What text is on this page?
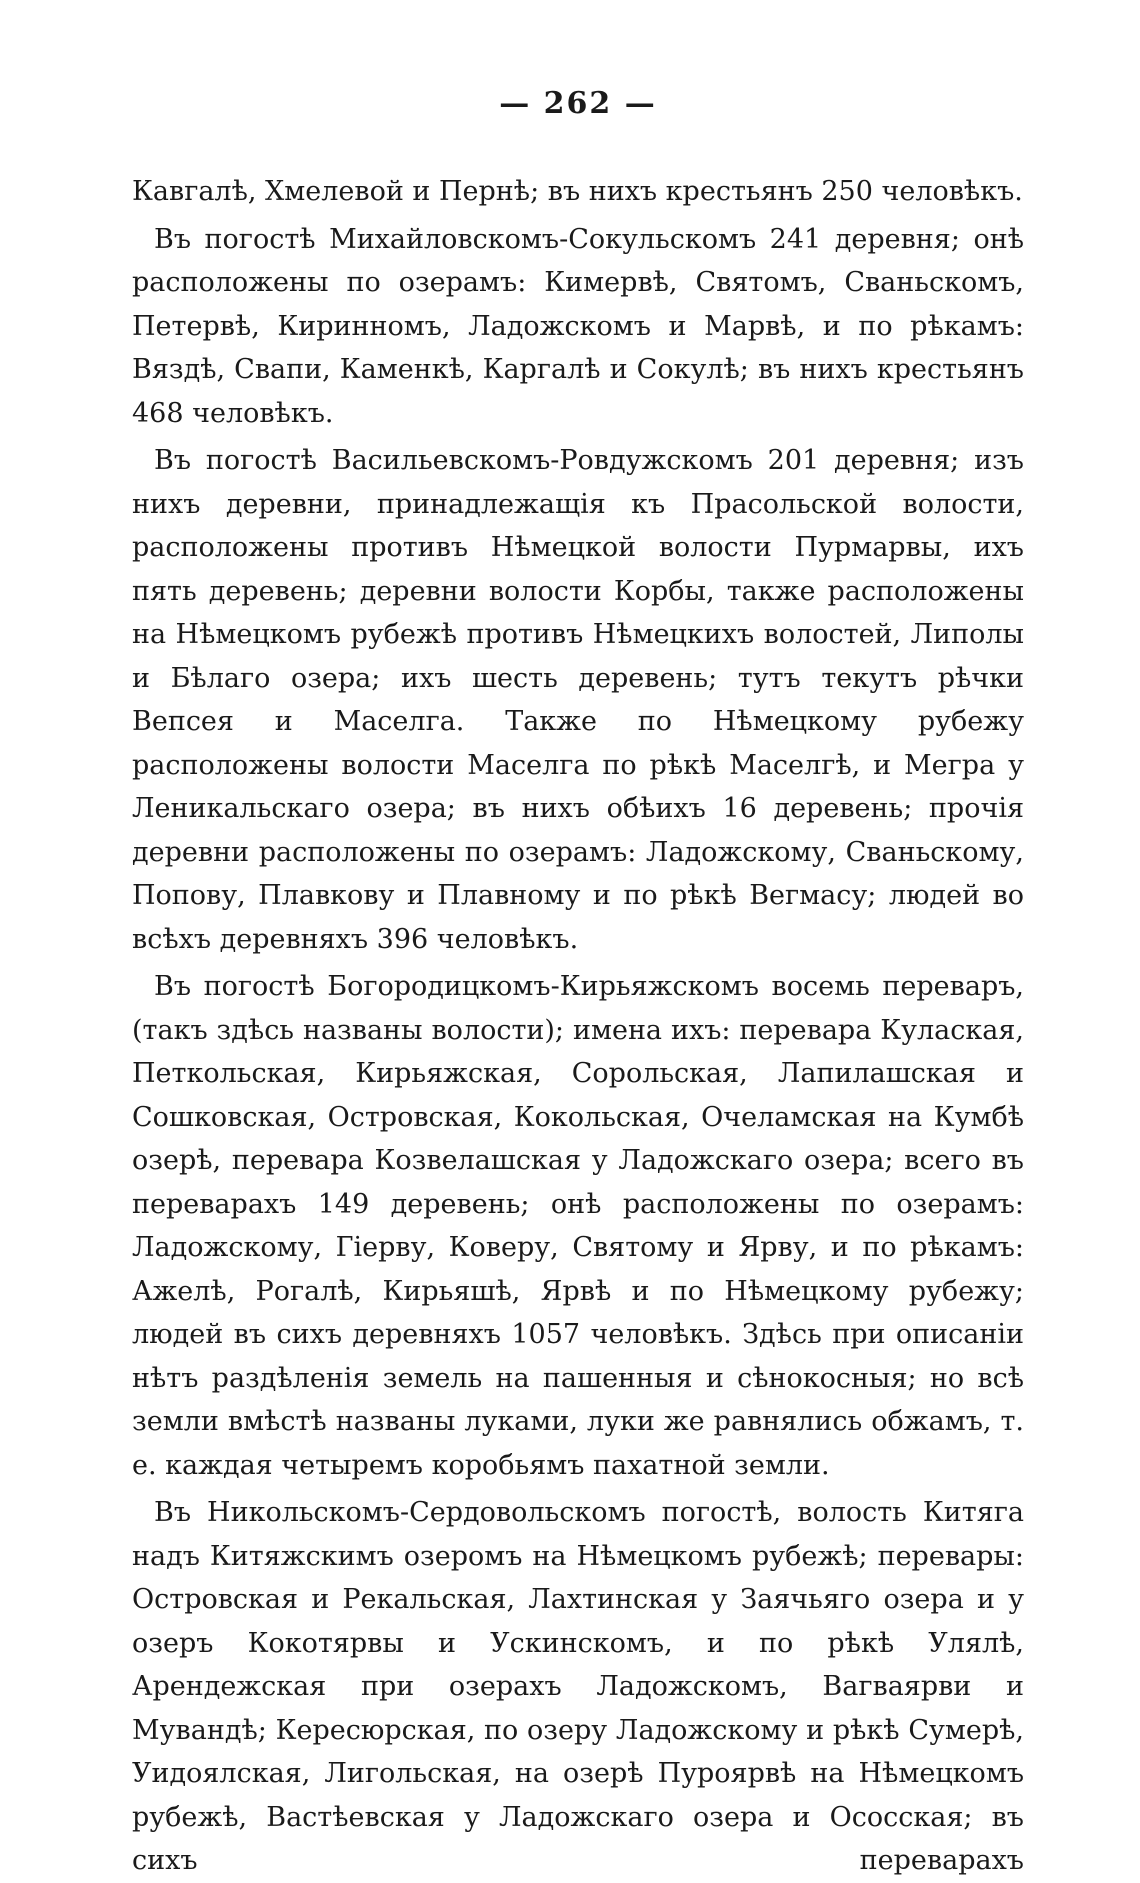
— 262 —

Кавгалѣ, Хмелевой и Пернѣ; въ нихъ крестьянъ 250 человѣкъ.

Въ погостѣ Михайловскомъ-Сокульскомъ 241 деревня; онѣ расположены по озерамъ: Кимервѣ, Святомъ, Сваньскомъ, Петервѣ, Киринномъ, Ладожскомъ и Марвѣ, и по рѣкамъ: Вяздѣ, Свапи, Каменкѣ, Каргалѣ и Сокулѣ; въ нихъ крестьянъ 468 человѣкъ.

Въ погостѣ Васильевскомъ-Ровдужскомъ 201 деревня; изъ нихъ деревни, принадлежащія къ Прасольской волости, расположены противъ Нѣмецкой волости Пурмарвы, ихъ пять деревень; деревни волости Корбы, также расположены на Нѣмецкомъ рубежѣ противъ Нѣмецкихъ волостей, Липолы и Бѣлаго озера; ихъ шесть деревень; тутъ текутъ рѣчки Вепсея и Маселга. Также по Нѣмецкому рубежу расположены волости Маселга по рѣкѣ Маселгѣ, и Мегра у Леникальскаго озера; въ нихъ обѣихъ 16 деревень; прочія деревни расположены по озерамъ: Ладожскому, Сваньскому, Попову, Плавкову и Плавному и по рѣкѣ Вегмасу; людей во всѣхъ деревняхъ 396 человѣкъ.

Въ погостѣ Богородицкомъ-Кирьяжскомъ восемь переваръ, (такъ здѣсь названы волости); имена ихъ: перевара Кулаская, Петкольская, Кирьяжская, Сорольская, Лапилашская и Сошковская, Островская, Кокольская, Очеламская на Кумбѣ озерѣ, перевара Козвелашская у Ладожскаго озера; всего въ переварахъ 149 деревень; онѣ расположены по озерамъ: Ладожскому, Гіерву, Коверу, Святому и Ярву, и по рѣкамъ: Ажелѣ, Рогалѣ, Кирьяшѣ, Ярвѣ и по Нѣмецкому рубежу; людей въ сихъ деревняхъ 1057 человѣкъ. Здѣсь при описаніи нѣтъ раздѣленія земель на пашенныя и сѣнокосныя; но всѣ земли вмѣстѣ названы луками, луки же равнялись обжамъ, т. е. каждая четыремъ коробьямъ пахатной земли.

Въ Никольскомъ-Сердовольскомъ погостѣ, волость Китяга надъ Китяжскимъ озеромъ на Нѣмецкомъ рубежѣ; перевары: Островская и Рекальская, Лахтинская у Заячьяго озера и у озеръ Кокотярвы и Ускинскомъ, и по рѣкѣ Улялѣ, Арендежская при озерахъ Ладожскомъ, Вагваярви и Мувандѣ; Кересюрская, по озеру Ладожскому и рѣкѣ Сумерѣ, Уидоялская, Лигольская, на озерѣ Пуроярвѣ на Нѣмецкомъ рубежѣ, Вастѣевская у Ладожскаго озера и Ососская; въ сихъ переварахъ
